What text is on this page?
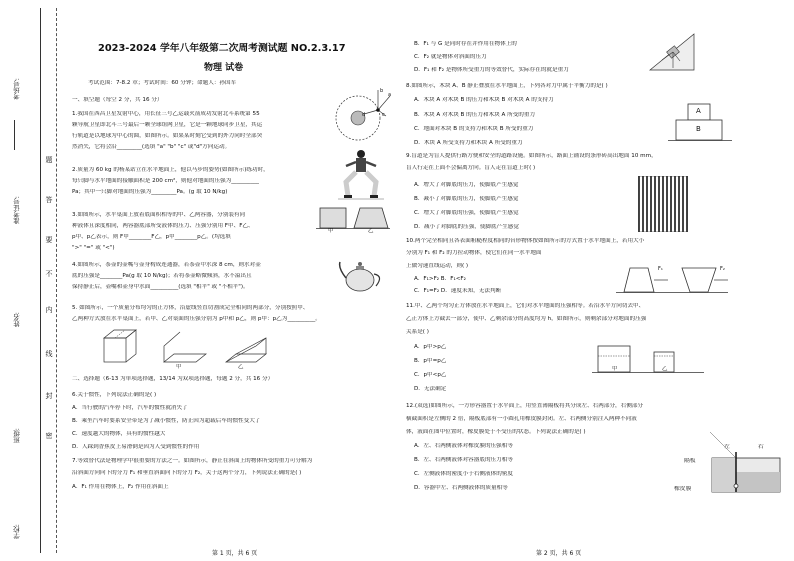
考场号:
准考证号:
姓名:
班级:
学校:
题
答
要
不
内
线
封
密
2023-2024 学年八年级第二次周考测试题 NO.2.3.17
物理 试卷
考试范围：7-8.2 章；考试时间：60 分钟；命题人：孙国军
一、填空题（每空 2 分，共 16 分）
1.我国在西昌卫星发射中心，用长征三号乙运载火箭成功发射北斗系统第 55
颗导航卫星即北斗三号最后一颗全球组网卫星，它是一颗地球同步卫星，其运
行轨道是以地球为中心的圆，如图所示。如果某时刻它受到的外力同时全部突
然消失，它将会沿_________(选填 "a" "b" "c" 或"d"方向运动。
2.质量为 60 kg 的杨某站立在水平地面上，他以马步的姿势(如图所示)练功时，
每只脚与水平地面的接触面积是 200 cm²，则他对地面的压强为__________
Pa；其中一只脚对地面的压强为_________Pa。(g 取 10 N/kg)
3.如图所示，水平桌面上放着底面积相等的甲、乙两容器，分别装有同
种液体且深度相同，两容器底部所受液体的压力、压强分别用 F甲、F乙、
p甲、p乙表示，则 F甲________F乙，p甲________p乙。(均选填
">" "=" 或 "<")
4.如图所示，茶壶的壶嘴与壶身构成连通器，若茶壶中水深 8 cm，则水对壶
底的压强是________Pa(g 取 10 N/kg)；若将茶壶略微倾斜，水不溢出且
保持静止后，壶嘴和壶身中水面__________(选填 "相平" 或 "不相平")。
5. 如图所示，一个质量分布均匀的正方体，沿虚线竖直切割成完全相同的两部分，分别按照甲、
乙两种方式放在水平桌面上，若甲、乙对桌面的压强分别为 p甲和 p乙，则 p甲：p乙为__________。
二、选择题（6-13 为单项选择题，13/14 为双项选择题，每题 2 分，共 16 分）
6.关于惯性，下列说法正确的是( )
A．当行驶的汽车停下时，汽车的惯性就消失了
B．乘坐汽车时要系安全带是为了减小惯性，防止因为超载后车的惯性变大了
C．速度越大的物体，具有的惯性越大
D．人踩到香蕉皮上易滑倒是因为人受到惯性的作用
7.等效替代法是物理学中很重要的方法之一。如图所示，静止在斜面上的物体所受的重力可分解为
沿斜面方向向下的分力 F₁ 和垂直斜面向下的分力 F₂，关于这两个分力，下列说法正确的是( )
A．F₁ 作用在物体上，F₂ 作用在斜面上
a
b
c
d
甲	乙
甲	乙
第 1 页，共 6 页
B．F₁ 与 G 是同时存在并作用在物体上的
C．F₂ 就是物体对斜面的压力
D．F₁ 和 F₂ 是物体所受重力的等效替代，实际存在的就是重力
8.如图所示，木块 A、B 静止叠放在水平地面上，下列各对力中属于平衡力的是( )
A．木块 A 对木块 B 的压力和木块 B 对木块 A 的支持力
B．木块 A 对木块 B 的压力和木块 A 所受的重力
C．地面对木块 B 的支持力和木块 B 所受的重力
D．木块 A 所受支持力和木块 A 所受的重力
9.盲道是为盲人提供行路方便和安全的道路设施。如图所示，路面上铺设的条形砖高出地面 10 mm，
盲人行走在上面不会偏离方向。盲人走在盲道上时( )
A．增大了对脚底的压力，使脚底产生感觉
B．减小了对脚底的压力，使脚底产生感觉
C．增大了对脚底的压强，使脚底产生感觉
D．减小了对脚底的压强，使脚底产生感觉
10.两个完全相同且各表面粗糙程度相同的台形物体按如图所示的方式置于水平地面上，若用大小
分别为 F₁ 和 F₂ 的力拉动物体，使它们在同一水平地面
上做匀速直线运动，则( )
A．F₁>F₂ B．F₁<F₂
C．F₁=F₂ D．速度未知，无法判断
11.甲、乙两个均匀正方体放在水平地面上，它们对水平地面的压强相等。若沿水平方向切去甲、
乙正方体上方截去一部分，使甲、乙剩余部分的高度均为 h，如图所示，则剩余部分对地面的压强
关系是( )
A．p甲>p乙
B．p甲=p乙
C．p甲<p乙
D．无法确定
12.(双选)如图所示，一方形容器置于水平面上，用竖直薄隔板将其分成左、右两部分，右侧部分
横截面积是左侧的 2 倍，隔板底部有一小圆孔用橡皮膜封闭。左、右两侧分别注入两种不同液
体，液面在图中位置时，橡皮膜处于不受压的状态。下列说法正确的是( )
A．左、右两侧液体对橡皮膜的压强相等
B．左、右两侧液体对容器底的压力相等
C．左侧液体的密度小于右侧液体的密度
D．容器中左、右两侧液体的质量相等
A
B
F₁	F₂
甲	乙
隔板
左	右
橡皮膜
第 2 页，共 6 页
